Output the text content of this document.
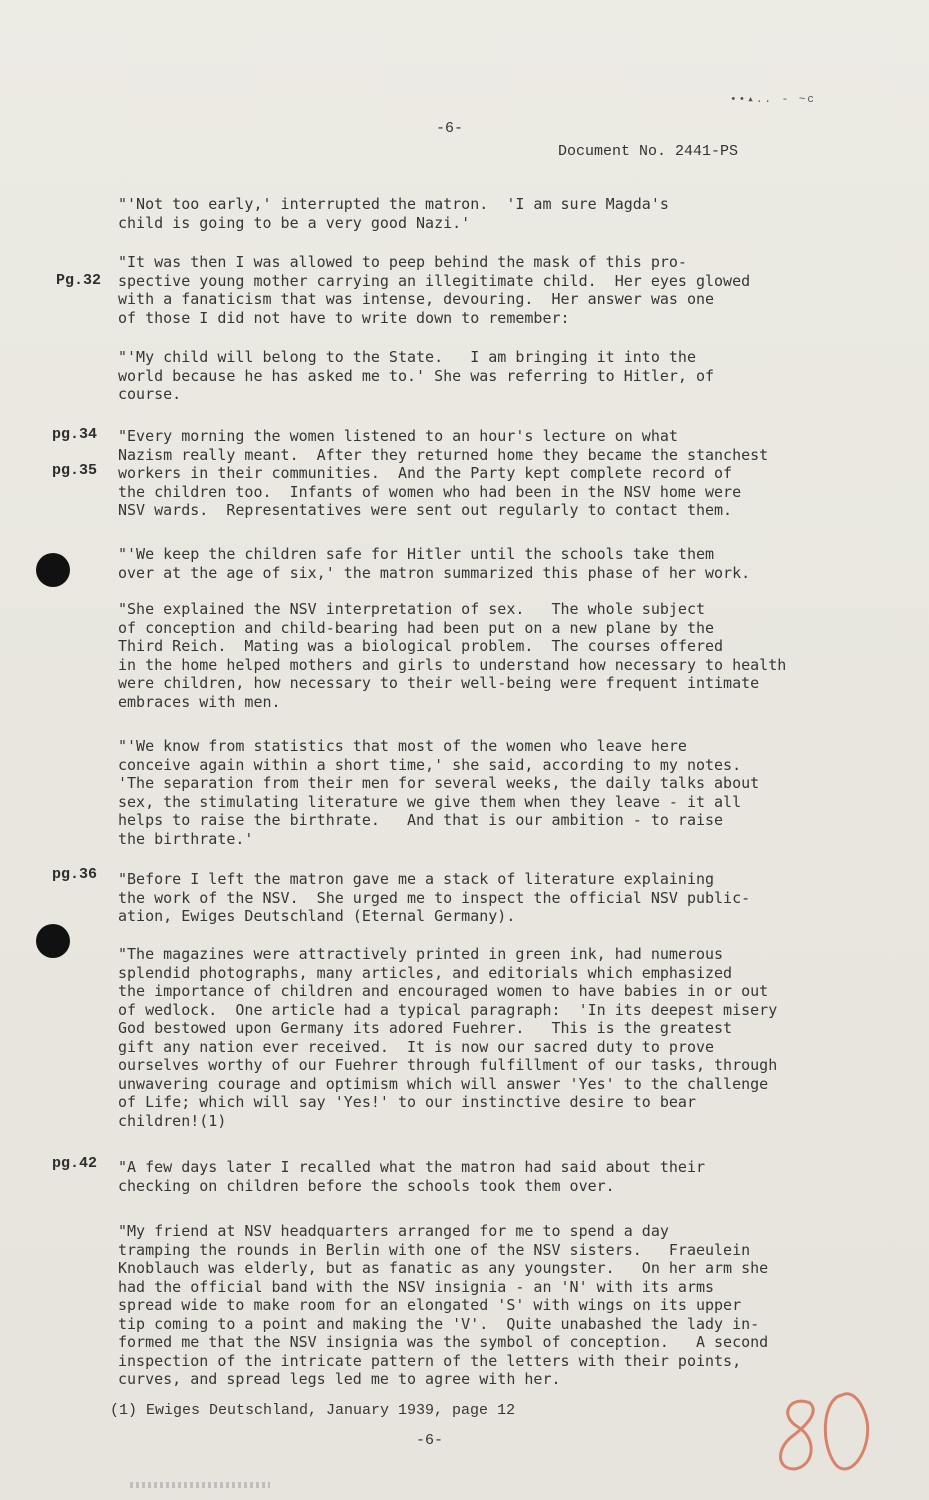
••▴.. - ~c
-6-
Document No. 2441-PS
"'Not too early,' interrupted the matron.  'I am sure Magda's
child is going to be a very good Nazi.'
Pg.32
"It was then I was allowed to peep behind the mask of this pro-
spective young mother carrying an illegitimate child.  Her eyes glowed
with a fanaticism that was intense, devouring.  Her answer was one
of those I did not have to write down to remember:
"'My child will belong to the State.   I am bringing it into the
world because he has asked me to.' She was referring to Hitler, of
course.
pg.34
pg.35
"Every morning the women listened to an hour's lecture on what
Nazism really meant.  After they returned home they became the stanchest
workers in their communities.  And the Party kept complete record of
the children too.  Infants of women who had been in the NSV home were
NSV wards.  Representatives were sent out regularly to contact them.
"'We keep the children safe for Hitler until the schools take them
over at the age of six,' the matron summarized this phase of her work.
"She explained the NSV interpretation of sex.   The whole subject
of conception and child-bearing had been put on a new plane by the
Third Reich.  Mating was a biological problem.  The courses offered
in the home helped mothers and girls to understand how necessary to health
were children, how necessary to their well-being were frequent intimate
embraces with men.
"'We know from statistics that most of the women who leave here
conceive again within a short time,' she said, according to my notes.
'The separation from their men for several weeks, the daily talks about
sex, the stimulating literature we give them when they leave - it all
helps to raise the birthrate.   And that is our ambition - to raise
the birthrate.'
pg.36 "Before I left the matron gave me a stack of literature explaining
the work of the NSV.  She urged me to inspect the official NSV public-
ation, Ewiges Deutschland (Eternal Germany).
"The magazines were attractively printed in green ink, had numerous
splendid photographs, many articles, and editorials which emphasized
the importance of children and encouraged women to have babies in or out
of wedlock.  One article had a typical paragraph:  'In its deepest misery
God bestowed upon Germany its adored Fuehrer.   This is the greatest
gift any nation ever received.  It is now our sacred duty to prove
ourselves worthy of our Fuehrer through fulfillment of our tasks, through
unwavering courage and optimism which will answer 'Yes' to the challenge
of Life; which will say 'Yes!' to our instinctive desire to bear
children!(1)
pg.42 "A few days later I recalled what the matron had said about their
checking on children before the schools took them over.
"My friend at NSV headquarters arranged for me to spend a day
tramping the rounds in Berlin with one of the NSV sisters.   Fraeulein
Knoblauch was elderly, but as fanatic as any youngster.   On her arm she
had the official band with the NSV insignia - an 'N' with its arms
spread wide to make room for an elongated 'S' with wings on its upper
tip coming to a point and making the 'V'.  Quite unabashed the lady in-
formed me that the NSV insignia was the symbol of conception.   A second
inspection of the intricate pattern of the letters with their points,
curves, and spread legs led me to agree with her.
(1) Ewiges Deutschland, January 1939, page 12
-6-
